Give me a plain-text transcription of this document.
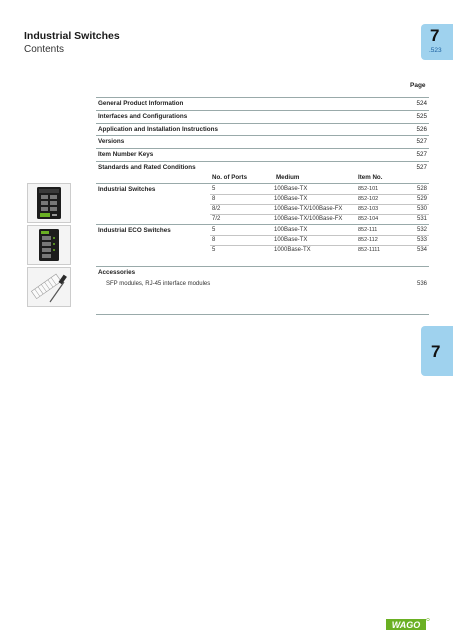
Industrial Switches
Contents
7
.523
Page
General Product Information	524
Interfaces and Configurations	525
Application and Installation Instructions	526
Versions	527
Item Number Keys	527
Standards and Rated Conditions	527
No. of Ports	Medium	Item No.
Industrial Switches	5	100Base-TX	852-101	528
8	100Base-TX	852-102	529
8/2	100Base-TX/100Base-FX	852-103	530
7/2	100Base-TX/100Base-FX	852-104	531
Industrial ECO Switches	5	100Base-TX	852-111	532
8	100Base-TX	852-112	533
5	1000Base-TX	852-1111	534
Accessories
SFP modules, RJ-45 interface modules	536
7
WAGO
